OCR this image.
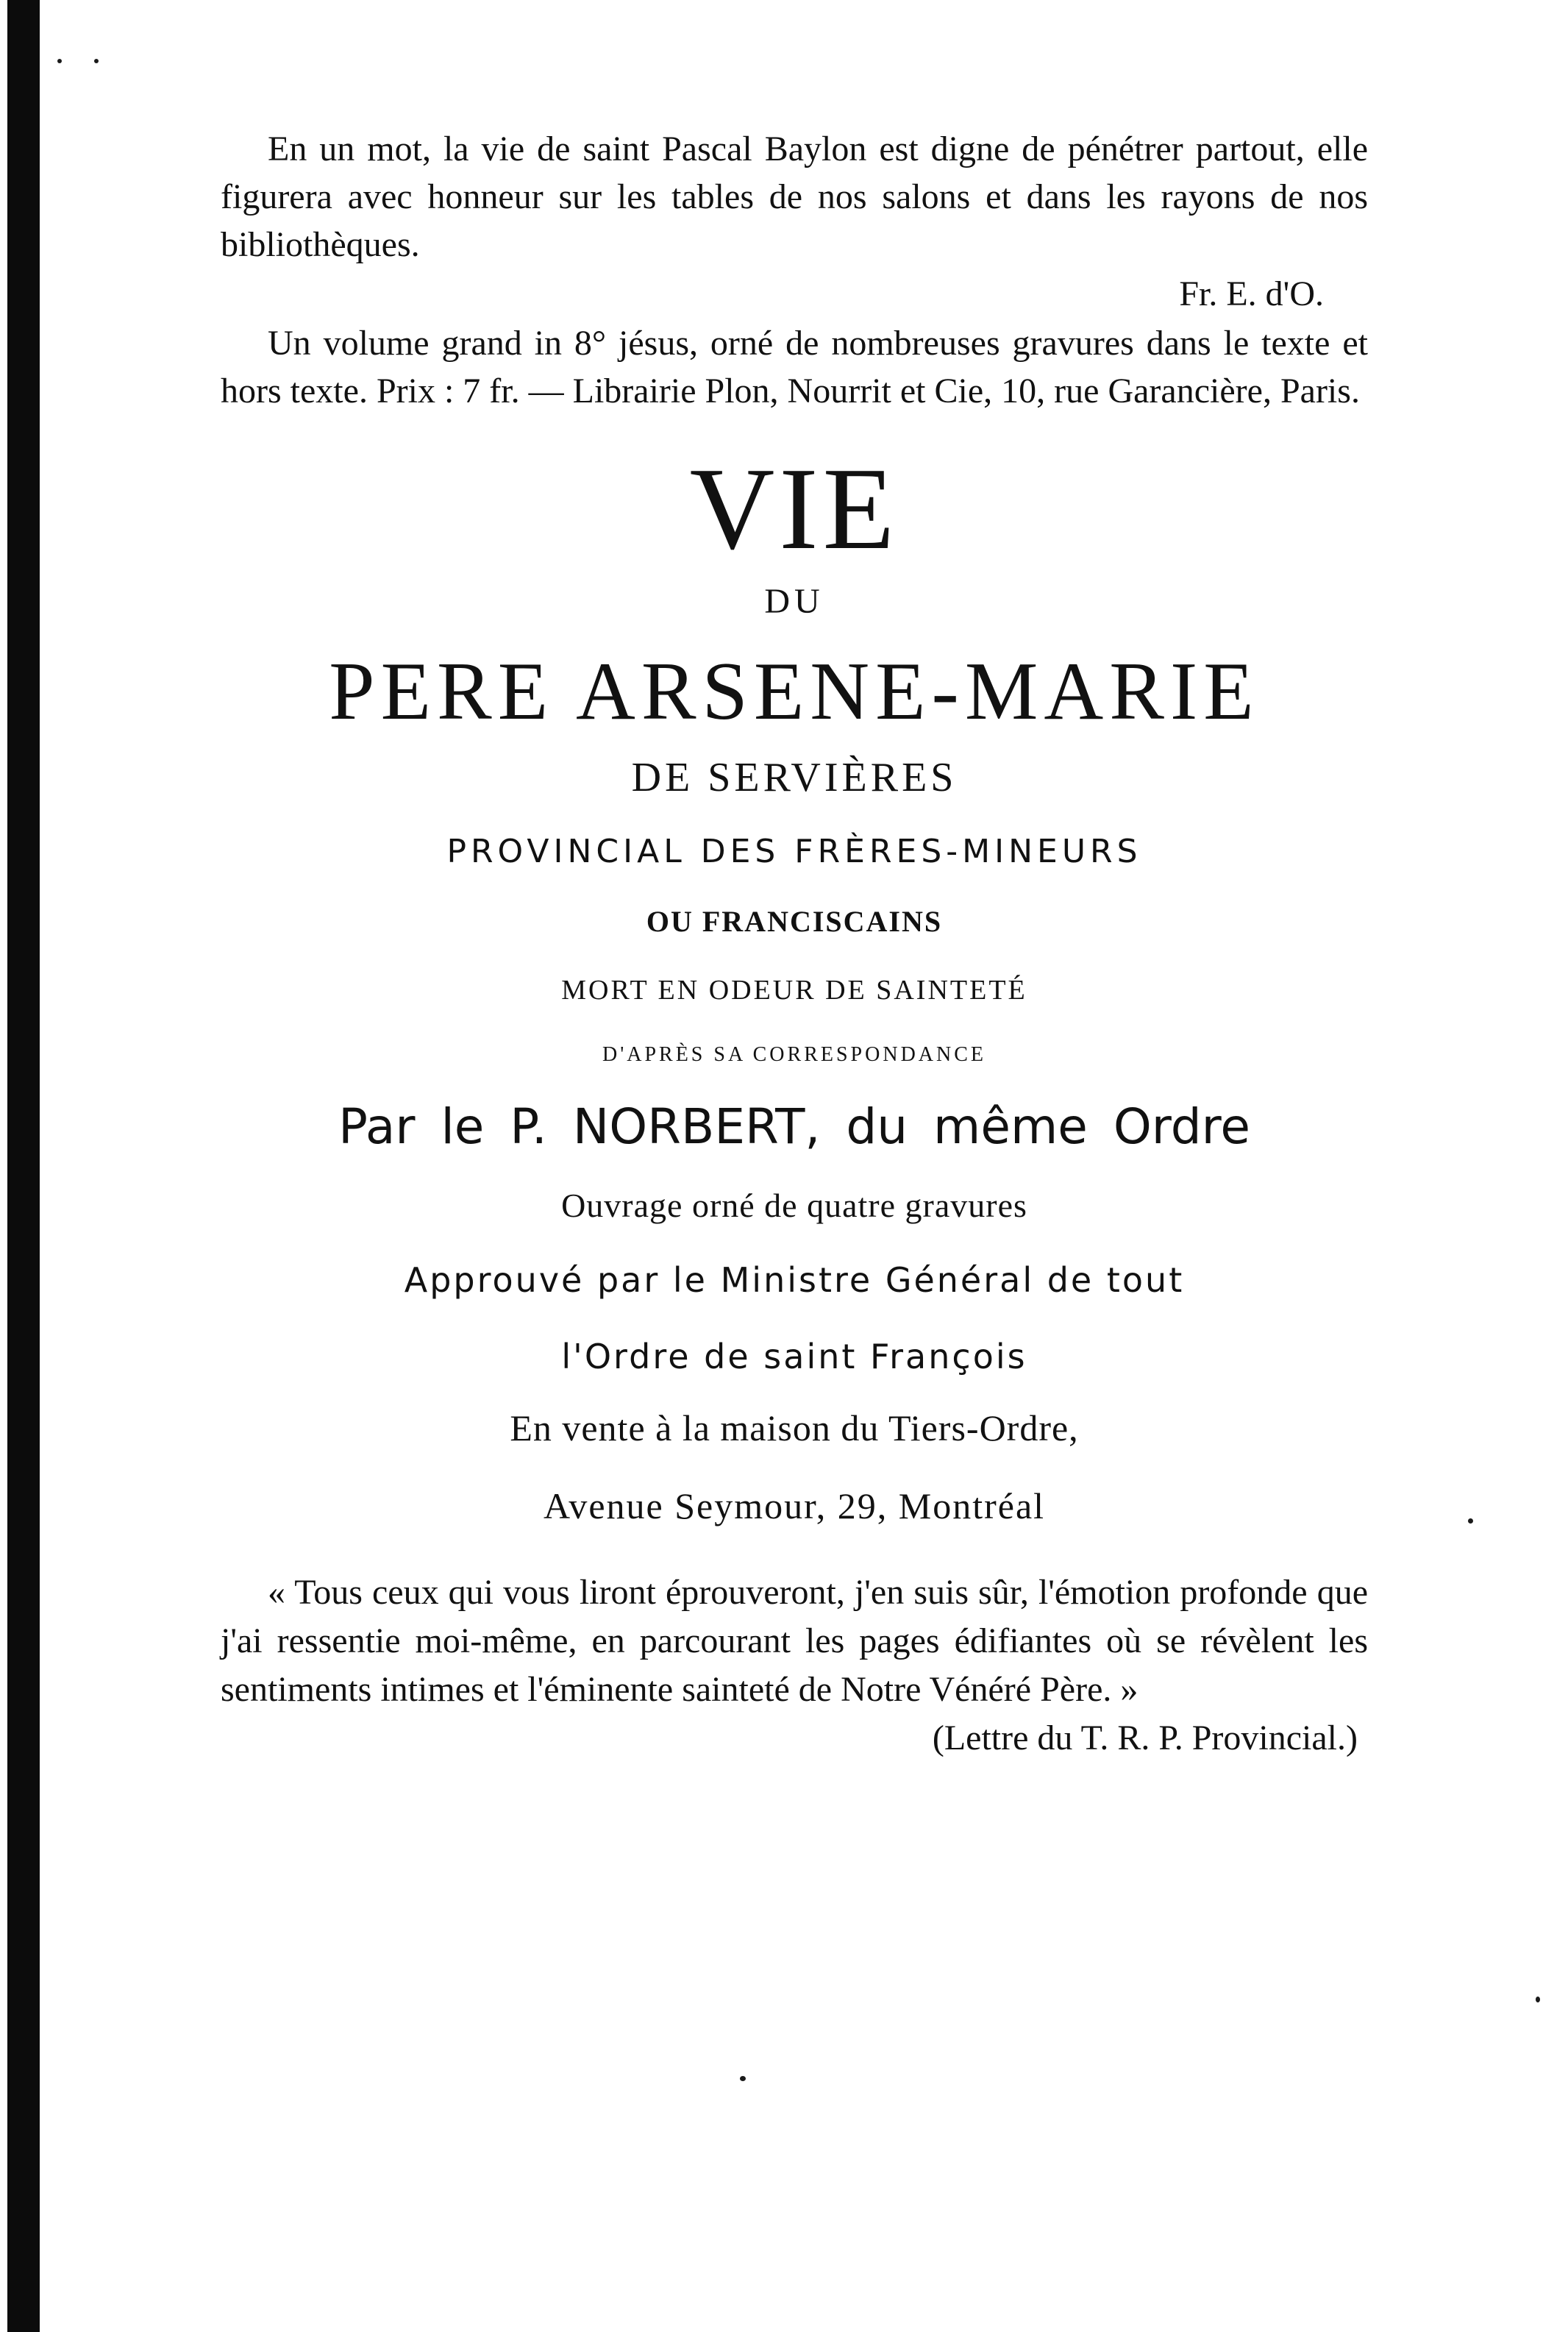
En un mot, la vie de saint Pascal Baylon est digne de pénétrer partout, elle figurera avec honneur sur les tables de nos salons et dans les rayons de nos bibliothèques.

Fr. E. d'O.

Un volume grand in 8° jésus, orné de nombreuses gravures dans le texte et hors texte. Prix : 7 fr. — Librairie Plon, Nourrit et Cie, 10, rue Garancière, Paris.

VIE

DU

PERE ARSENE-MARIE

DE SERVIÈRES

PROVINCIAL DES FRÈRES-MINEURS

OU FRANCISCAINS

MORT EN ODEUR DE SAINTETÉ

D'APRÈS SA CORRESPONDANCE

Par le P. NORBERT, du même Ordre

Ouvrage orné de quatre gravures

Approuvé par le Ministre Général de tout

l'Ordre de saint François

En vente à la maison du Tiers-Ordre,

Avenue Seymour, 29, Montréal

« Tous ceux qui vous liront éprouveront, j'en suis sûr, l'émotion profonde que j'ai ressentie moi-même, en parcourant les pages édifiantes où se révèlent les sentiments intimes et l'éminente sainteté de Notre Vénéré Père. »

(Lettre du T. R. P. Provincial.)
